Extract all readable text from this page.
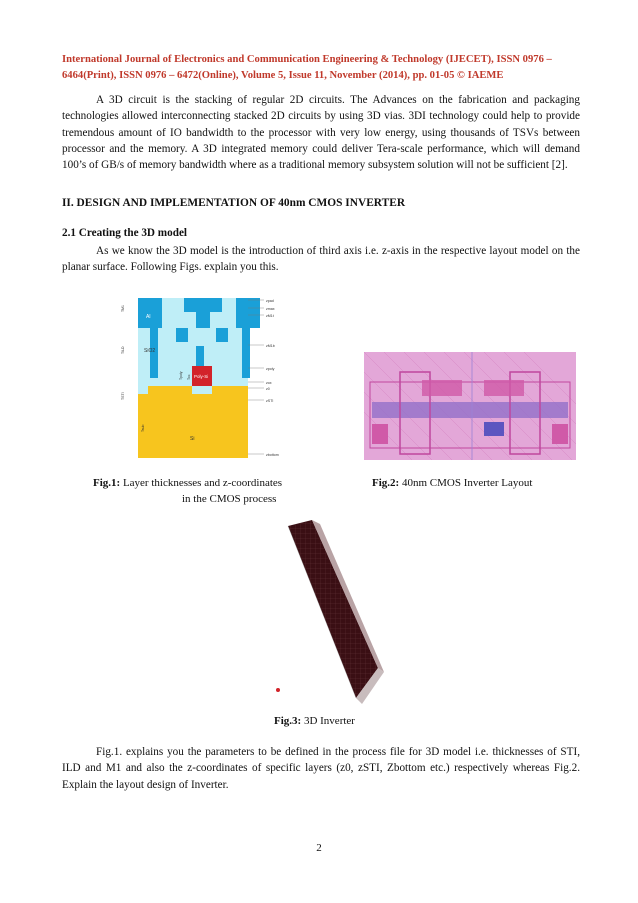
International Journal of Electronics and Communication Engineering & Technology (IJECET), ISSN 0976 –
6464(Print), ISSN 0976 – 6472(Online), Volume 5, Issue 11, November (2014), pp. 01-05 © IAEME
A 3D circuit is the stacking of regular 2D circuits. The Advances on the fabrication and packaging technologies allowed interconnecting stacked 2D circuits by using 3D vias. 3DI technology could help to provide tremendous amount of IO bandwidth to the processor with very low energy, using thousands of TSVs between processor and the memory. A 3D integrated memory could deliver Tera-scale performance, which will demand 100’s of GB/s of memory bandwidth where as a traditional memory subsystem solution will not be sufficient [2].
II. DESIGN AND IMPLEMENTATION OF 40nm CMOS INVERTER
2.1 Creating the 3D model
As we know the 3D model is the introduction of third axis i.e. z-axis in the respective layout model on the planar surface. Following Figs. explain you this.
Al
SiO2
Poly-Si
Si
TM1
TILD
TSTI
Tsub
Tpoly Tox
zpad
zmax
zM1t
zM1b
zpoly
zox
z0
zSTI
zbottom
Fig.1: Layer thicknesses and z-coordinates
in the CMOS process
Fig.2: 40nm CMOS Inverter Layout
Fig.3: 3D Inverter
Fig.1. explains you the parameters to be defined in the process file for 3D model i.e. thicknesses of STI, ILD and M1 and also the z-coordinates of specific layers (z0, zSTI, Zbottom etc.) respectively whereas Fig.2. Explain the layout design of Inverter.
2
